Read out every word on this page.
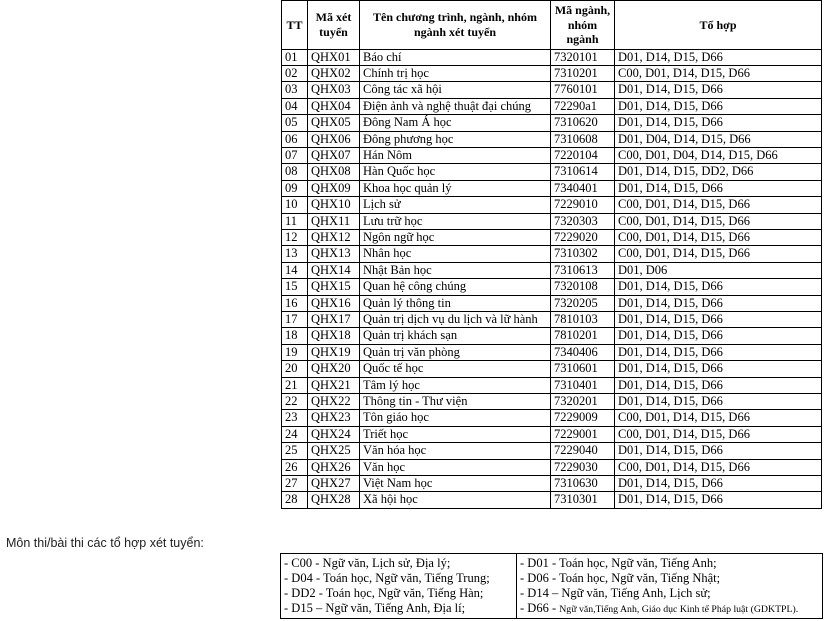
TT	Mã xét tuyển	Tên chương trình, ngành, nhóm ngành xét tuyển	Mã ngành, nhóm ngành	Tổ hợp
01	QHX01	Báo chí	7320101	D01, D14, D15, D66
02	QHX02	Chính trị học	7310201	C00, D01, D14, D15, D66
03	QHX03	Công tác xã hội	7760101	D01, D14, D15, D66
04	QHX04	Điện ảnh và nghệ thuật đại chúng	72290a1	D01, D14, D15, D66
05	QHX05	Đông Nam Á học	7310620	D01, D14, D15, D66
06	QHX06	Đông phương học	7310608	D01, D04, D14, D15, D66
07	QHX07	Hán Nôm	7220104	C00, D01, D04, D14, D15, D66
08	QHX08	Hàn Quốc học	7310614	D01, D14, D15, DD2, D66
09	QHX09	Khoa học quản lý	7340401	D01, D14, D15, D66
10	QHX10	Lịch sử	7229010	C00, D01, D14, D15, D66
11	QHX11	Lưu trữ học	7320303	C00, D01, D14, D15, D66
12	QHX12	Ngôn ngữ học	7229020	C00, D01, D14, D15, D66
13	QHX13	Nhân học	7310302	C00, D01, D14, D15, D66
14	QHX14	Nhật Bản học	7310613	D01, D06
15	QHX15	Quan hệ công chúng	7320108	D01, D14, D15, D66
16	QHX16	Quản lý thông tin	7320205	D01, D14, D15, D66
17	QHX17	Quản trị dịch vụ du lịch và lữ hành	7810103	D01, D14, D15, D66
18	QHX18	Quản trị khách sạn	7810201	D01, D14, D15, D66
19	QHX19	Quản trị văn phòng	7340406	D01, D14, D15, D66
20	QHX20	Quốc tế học	7310601	D01, D14, D15, D66
21	QHX21	Tâm lý học	7310401	D01, D14, D15, D66
22	QHX22	Thông tin - Thư viện	7320201	D01, D14, D15, D66
23	QHX23	Tôn giáo học	7229009	C00, D01, D14, D15, D66
24	QHX24	Triết học	7229001	C00, D01, D14, D15, D66
25	QHX25	Văn hóa học	7229040	D01, D14, D15, D66
26	QHX26	Văn học	7229030	C00, D01, D14, D15, D66
27	QHX27	Việt Nam học	7310630	D01, D14, D15, D66
28	QHX28	Xã hội học	7310301	D01, D14, D15, D66
Môn thi/bài thi các tổ hợp xét tuyển:
- C00 - Ngữ văn, Lịch sử, Địa lý;
- D04 - Toán học, Ngữ văn, Tiếng Trung;
- DD2 - Toán học, Ngữ văn, Tiếng Hàn;
- D15 – Ngữ văn, Tiếng Anh, Địa lí;

- D01 - Toán học, Ngữ văn, Tiếng Anh;
- D06 - Toán học, Ngữ văn, Tiếng Nhật;
- D14 – Ngữ văn, Tiếng Anh, Lịch sử;
- D66 - Ngữ văn,Tiếng Anh, Giáo dục Kinh tế Pháp luật (GDKTPL).
